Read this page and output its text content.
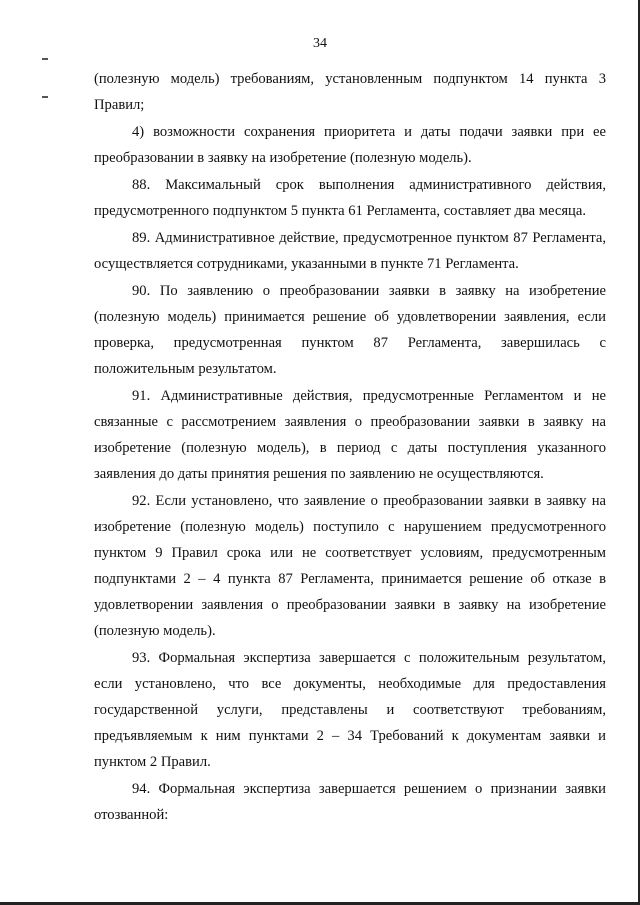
34

(полезную модель) требованиям, установленным подпунктом 14 пункта 3 Правил;

4) возможности сохранения приоритета и даты подачи заявки при ее преобразовании в заявку на изобретение (полезную модель).

88. Максимальный срок выполнения административного действия, предусмотренного подпунктом 5 пункта 61 Регламента, составляет два месяца.

89. Административное действие, предусмотренное пунктом 87 Регламента, осуществляется сотрудниками, указанными в пункте 71 Регламента.

90. По заявлению о преобразовании заявки в заявку на изобретение (полезную модель) принимается решение об удовлетворении заявления, если проверка, предусмотренная пунктом 87 Регламента, завершилась с положительным результатом.

91. Административные действия, предусмотренные Регламентом и не связанные с рассмотрением заявления о преобразовании заявки в заявку на изобретение (полезную модель), в период с даты поступления указанного заявления до даты принятия решения по заявлению не осуществляются.

92. Если установлено, что заявление о преобразовании заявки в заявку на изобретение (полезную модель) поступило с нарушением предусмотренного пунктом 9 Правил срока или не соответствует условиям, предусмотренным подпунктами 2 – 4 пункта 87 Регламента, принимается решение об отказе в удовлетворении заявления о преобразовании заявки в заявку на изобретение (полезную модель).

93. Формальная экспертиза завершается с положительным результатом, если установлено, что все документы, необходимые для предоставления государственной услуги, представлены и соответствуют требованиям, предъявляемым к ним пунктами 2 – 34 Требований к документам заявки и пунктом 2 Правил.

94. Формальная экспертиза завершается решением о признании заявки отозванной:
